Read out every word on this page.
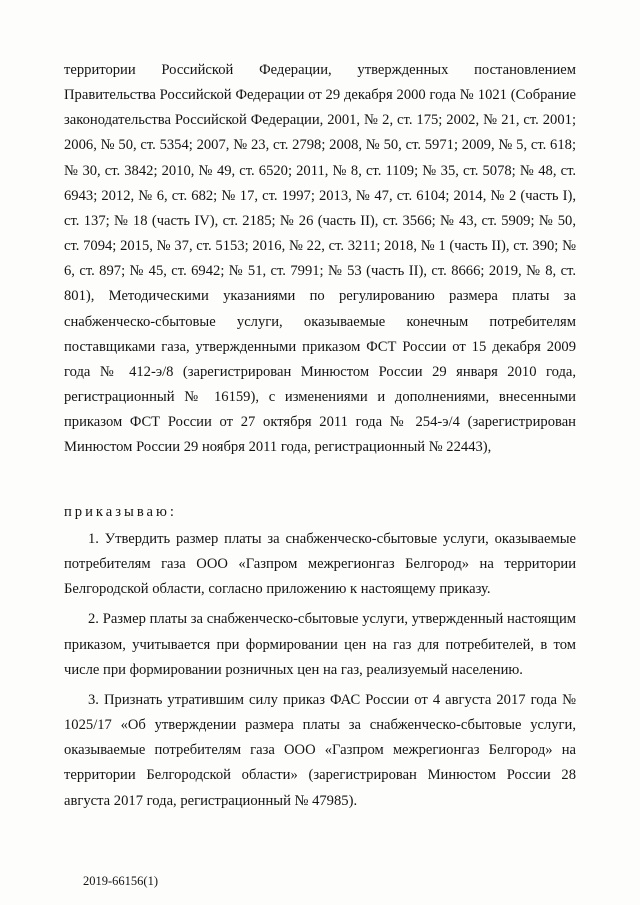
территории Российской Федерации, утвержденных постановлением Правительства Российской Федерации от 29 декабря 2000 года № 1021 (Собрание законодательства Российской Федерации, 2001, № 2, ст. 175; 2002, № 21, ст. 2001; 2006, № 50, ст. 5354; 2007, № 23, ст. 2798; 2008, № 50, ст. 5971; 2009, № 5, ст. 618; № 30, ст. 3842; 2010, № 49, ст. 6520; 2011, № 8, ст. 1109; № 35, ст. 5078; № 48, ст. 6943; 2012, № 6, ст. 682; № 17, ст. 1997; 2013, № 47, ст. 6104; 2014, № 2 (часть I), ст. 137; № 18 (часть IV), ст. 2185; № 26 (часть II), ст. 3566; № 43, ст. 5909; № 50, ст. 7094; 2015, № 37, ст. 5153; 2016, № 22, ст. 3211; 2018, № 1 (часть II), ст. 390; № 6, ст. 897; № 45, ст. 6942; № 51, ст. 7991; № 53 (часть II), ст. 8666; 2019, № 8, ст. 801), Методическими указаниями по регулированию размера платы за снабженческо-сбытовые услуги, оказываемые конечным потребителям поставщиками газа, утвержденными приказом ФСТ России от 15 декабря 2009 года № 412-э/8 (зарегистрирован Минюстом России 29 января 2010 года, регистрационный № 16159), с изменениями и дополнениями, внесенными приказом ФСТ России от 27 октября 2011 года № 254-э/4 (зарегистрирован Минюстом России 29 ноября 2011 года, регистрационный № 22443),

приказываю:

1. Утвердить размер платы за снабженческо-сбытовые услуги, оказываемые потребителям газа ООО «Газпром межрегионгаз Белгород» на территории Белгородской области, согласно приложению к настоящему приказу.

2. Размер платы за снабженческо-сбытовые услуги, утвержденный настоящим приказом, учитывается при формировании цен на газ для потребителей, в том числе при формировании розничных цен на газ, реализуемый населению.

3. Признать утратившим силу приказ ФАС России от 4 августа 2017 года № 1025/17 «Об утверждении размера платы за снабженческо-сбытовые услуги, оказываемые потребителям газа ООО «Газпром межрегионгаз Белгород» на территории Белгородской области» (зарегистрирован Минюстом России 28 августа 2017 года, регистрационный № 47985).

2019-66156(1)
